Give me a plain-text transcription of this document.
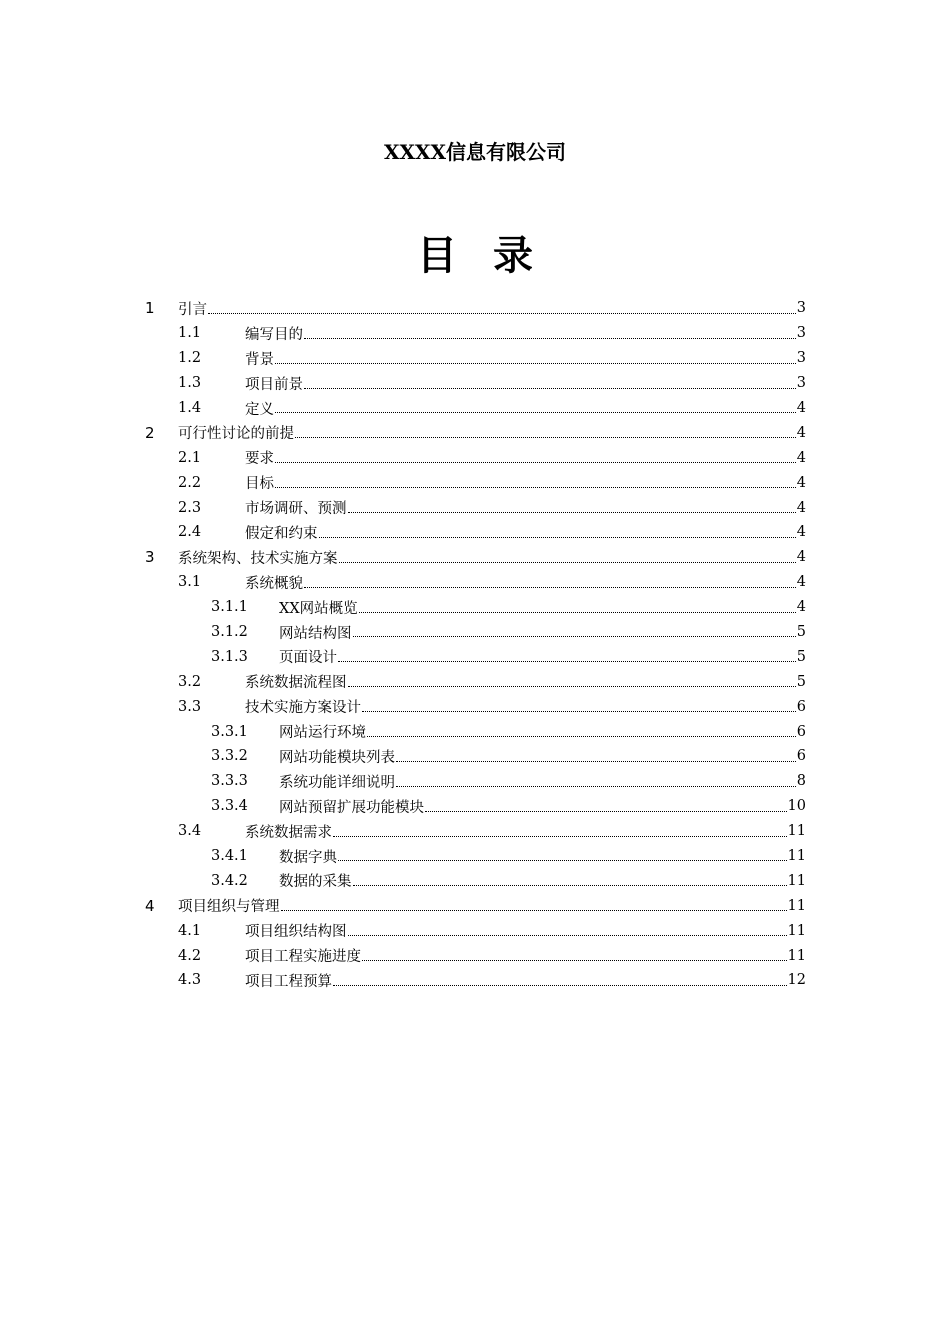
XXXX信息有限公司
目录
1	引言	3
1.1	编写目的	3
1.2	背景	3
1.3	项目前景	3
1.4	定义	4
2	可行性讨论的前提	4
2.1	要求	4
2.2	目标	4
2.3	市场调研、预测	4
2.4	假定和约束	4
3	系统架构、技术实施方案	4
3.1	系统概貌	4
3.1.1	XX网站概览	4
3.1.2	网站结构图	5
3.1.3	页面设计	5
3.2	系统数据流程图	5
3.3	技术实施方案设计	6
3.3.1	网站运行环境	6
3.3.2	网站功能模块列表	6
3.3.3	系统功能详细说明	8
3.3.4	网站预留扩展功能模块	10
3.4	系统数据需求	11
3.4.1	数据字典	11
3.4.2	数据的采集	11
4	项目组织与管理	11
4.1	项目组织结构图	11
4.2	项目工程实施进度	11
4.3	项目工程预算	12
